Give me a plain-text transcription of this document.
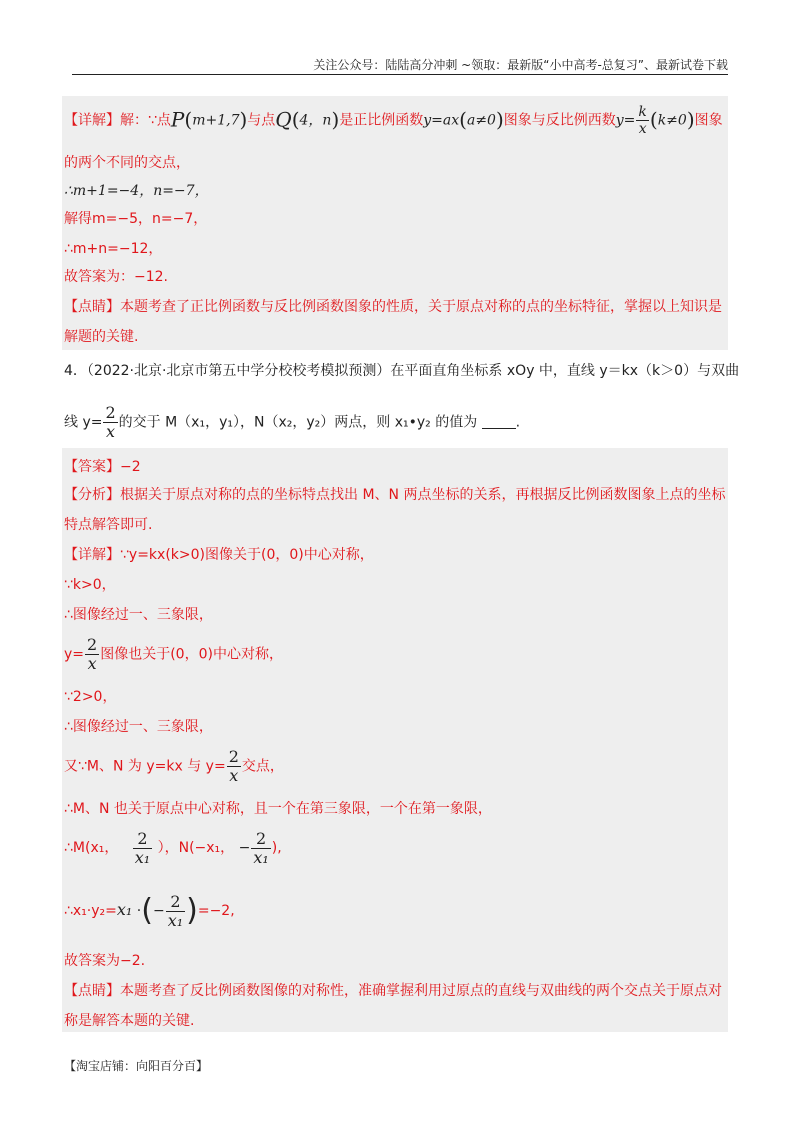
关注公众号：陆陆高分冲刺 ~领取：最新版“小中高考-总复习”、最新试卷下载
【详解】解：∵点P(m+1,7)与点Q(4，n)是正比例函数y=ax(a≠0)图象与反比例西数$y= \frac{k}{x} (k\ne 0)$图象
的两个不同的交点，
∴m+1=−4，n=−7，
解得m=−5，n=−7，
∴m+n=−12，
故答案为：−12.
【点睛】本题考查了正比例函数与反比例函数图象的性质，关于原点对称的点的坐标特征，掌握以上知识是
解题的关键.
4．（2022·北京·北京市第五中学分校校考模拟预测）在平面直角坐标系 xOy 中，直线 y＝kx（k＞0）与双曲
线 $y= \frac{2}{x}$ 的交于 M（x₁，y₁），N（x₂，y₂）两点，则 x₁•y₂ 的值为	.
【答案】−2
【分析】根据关于原点对称的点的坐标特点找出 M、N 两点坐标的关系，再根据反比例函数图象上点的坐标
特点解答即可.
【详解】∵y=kx(k>0)图像关于(0，0)中心对称，
∵k>0，
∴图像经过一、三象限，
$y= \frac{2}{x}$ 图像也关于(0，0)中心对称，
∵2>0，
∴图像经过一、三象限，
又∵M、N 为 y=kx 与 $y= \frac{2}{x}$ 交点，
∴M、N 也关于原点中心对称，且一个在第三象限，一个在第一象限，
∴M(x₁， $\frac{2}{\text{x₁}}$ ），N(−x₁， − $\frac{2}{\text{x₁}}$ ),
∴x₁·y₂=x₁ ·(− $\frac{2}{\text{x₁}} )=-2$,
故答案为−2.
【点睛】本题考查了反比例函数图像的对称性，准确掌握利用过原点的直线与双曲线的两个交点关于原点对
称是解答本题的关键.
【淘宝店铺：向阳百分百】
